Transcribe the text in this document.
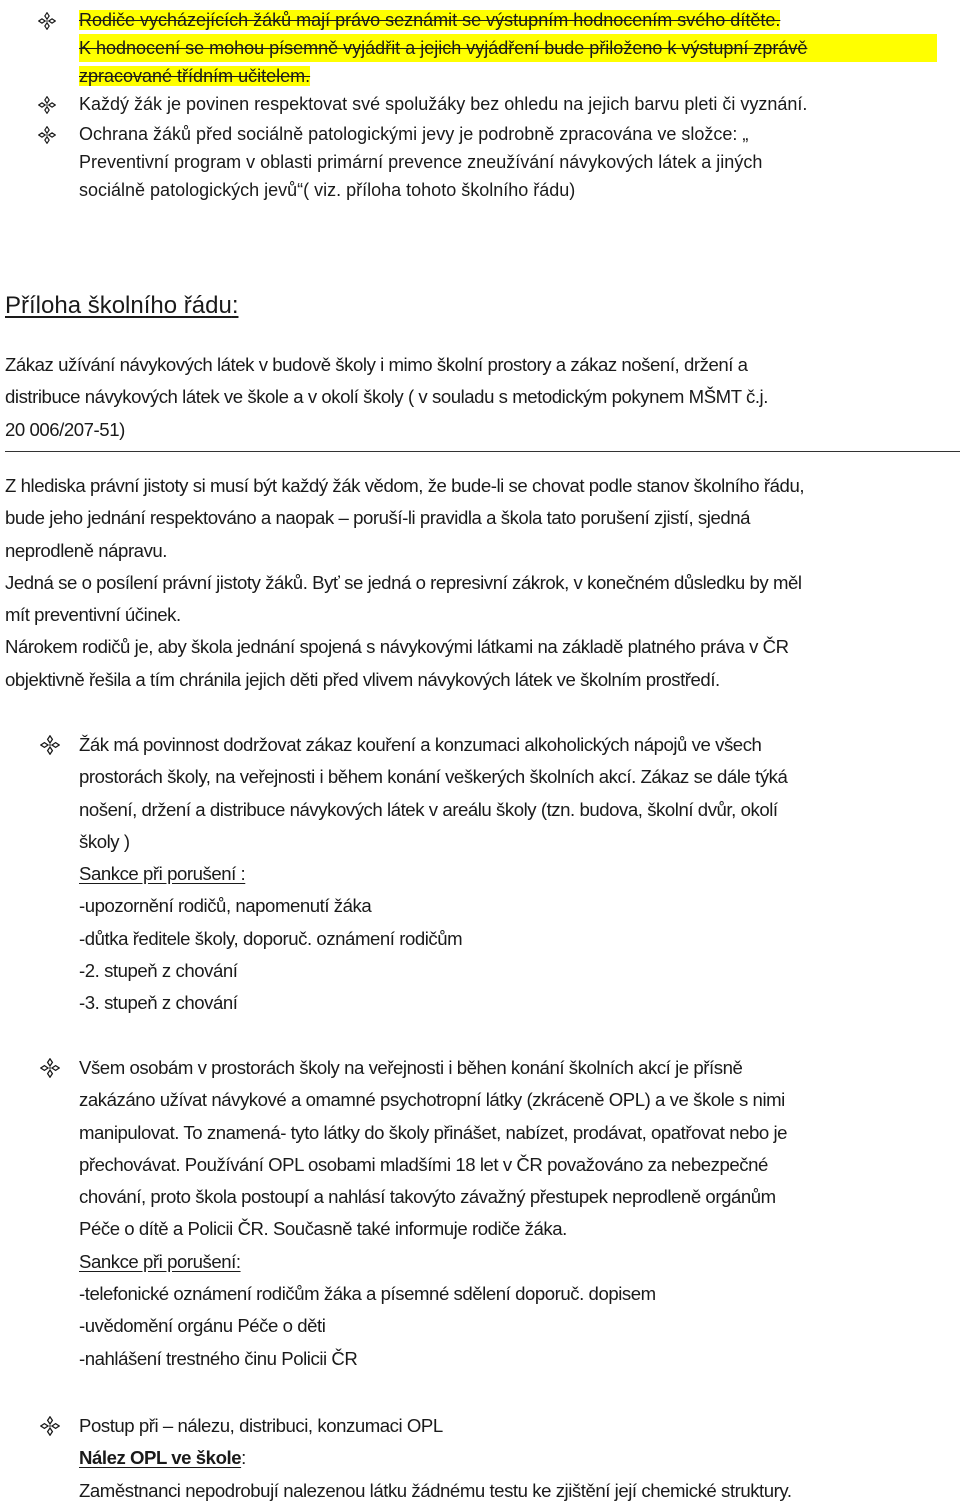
Rodiče vycházejících žáků mají právo seznámit se výstupním hodnocením svého dítěte.
K hodnocení se mohou písemně vyjádřit a jejich vyjádření bude přiloženo k výstupní zprávě
zpracované třídním učitelem.
Každý žák je povinen respektovat své spolužáky bez ohledu na jejich barvu pleti či vyznání.
Ochrana žáků před sociálně patologickými jevy je podrobně zpracována ve složce: „
Preventivní program v oblasti primární prevence zneužívání návykových látek a jiných
sociálně patologických jevů“( viz. příloha tohoto školního řádu)
Příloha školního řádu:
Zákaz užívání návykových látek v budově školy i mimo školní prostory a zákaz nošení, držení a
distribuce návykových látek ve škole a v okolí školy ( v souladu s metodickým pokynem MŠMT č.j.
20 006/207-51)
Z hlediska právní jistoty si musí být každý žák vědom, že bude-li se chovat podle stanov školního řádu,
bude jeho jednání respektováno a naopak – poruší-li pravidla a škola tato porušení zjistí, sjedná
neprodleně nápravu.
Jedná se o posílení právní jistoty žáků. Byť se jedná o represivní zákrok, v konečném důsledku by měl
mít preventivní účinek.
Nárokem rodičů je, aby škola jednání spojená s návykovými látkami na základě platného práva v ČR
objektivně řešila a tím chránila jejich děti před vlivem návykových látek ve školním prostředí.
Žák má povinnost dodržovat zákaz kouření a konzumaci alkoholických nápojů ve všech
prostorách školy, na veřejnosti i během konání veškerých školních akcí. Zákaz se dále týká
nošení, držení a distribuce návykových látek v areálu školy (tzn. budova, školní dvůr, okolí
školy )
Sankce při porušení :
-upozornění rodičů, napomenutí žáka
-důtka ředitele školy, doporuč. oznámení rodičům
-2. stupeň z chování
-3. stupeň z chování
Všem osobám v prostorách školy na veřejnosti i běhen konání školních akcí je přísně
zakázáno užívat návykové a omamné psychotropní látky (zkráceně OPL) a ve škole s nimi
manipulovat. To znamená- tyto látky do školy přinášet, nabízet, prodávat, opatřovat nebo je
přechovávat. Používání OPL osobami mladšími 18 let v ČR považováno za nebezpečné
chování, proto škola postoupí a nahlásí takovýto závažný přestupek neprodleně orgánům
Péče o dítě a Policii ČR. Současně také informuje rodiče žáka.
Sankce při porušení:
-telefonické oznámení rodičům žáka a písemné sdělení doporuč. dopisem
-uvědomění orgánu Péče o děti
-nahlášení trestného činu Policii ČR
Postup při – nálezu, distribuci, konzumaci OPL
Nález OPL ve škole:
Zaměstnanci nepodrobují nalezenou látku žádnému testu ke zjištění její chemické struktury.
